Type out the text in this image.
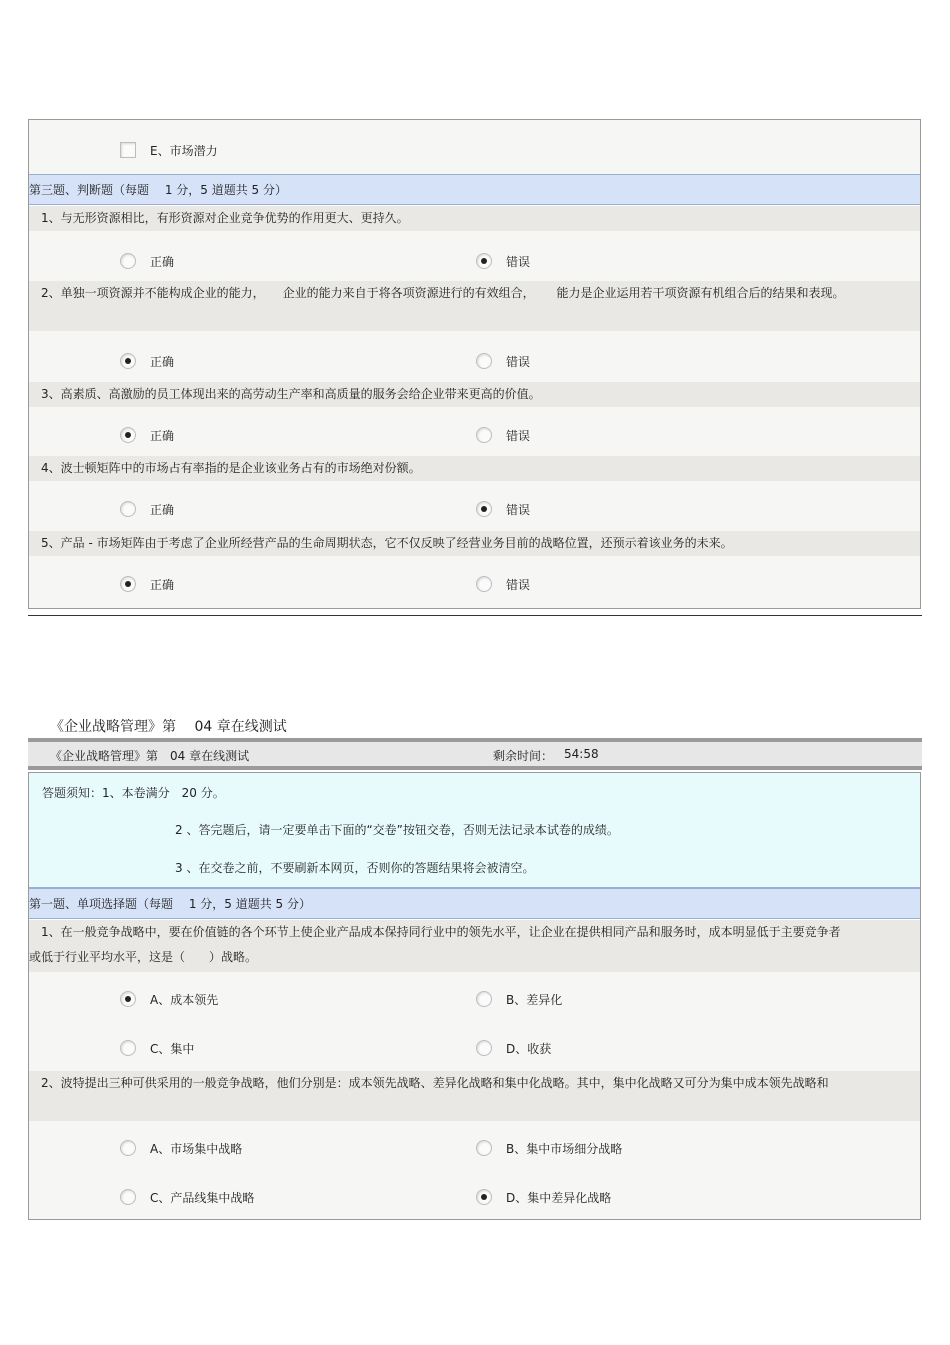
E、市场潜力
第三题、判断题（每题　 1 分，5 道题共 5 分）
1、与无形资源相比，有形资源对企业竞争优势的作用更大、更持久。
正确	错误
2、单独一项资源并不能构成企业的能力，　　企业的能力来自于将各项资源进行的有效组合，　　 能力是企业运用若干项资源有机组合后的结果和表现。
正确	错误
3、高素质、高激励的员工体现出来的高劳动生产率和高质量的服务会给企业带来更高的价值。
正确	错误
4、波士顿矩阵中的市场占有率指的是企业该业务占有的市场绝对份额。
正确	错误
5、产品 - 市场矩阵由于考虑了企业所经营产品的生命周期状态，它不仅反映了经营业务目前的战略位置，还预示着该业务的未来。
正确	错误
《企业战略管理》第　 04 章在线测试
《企业战略管理》第　04 章在线测试	剩余时间： 54:58
答题须知：1、本卷满分　20 分。
2 、答完题后，请一定要单击下面的“交卷”按钮交卷，否则无法记录本试卷的成绩。
3 、在交卷之前，不要刷新本网页，否则你的答题结果将会被清空。
第一题、单项选择题（每题　 1 分，5 道题共 5 分）
1、在一般竞争战略中，要在价值链的各个环节上使企业产品成本保持同行业中的领先水平，让企业在提供相同产品和服务时，成本明显低于主要竞争者或低于行业平均水平，这是（　　）战略。
A、成本领先	B、差异化
C、集中	D、收获
2、波特提出三种可供采用的一般竞争战略，他们分别是：成本领先战略、差异化战略和集中化战略。其中，集中化战略又可分为集中成本领先战略和
A、市场集中战略	B、集中市场细分战略
C、产品线集中战略	D、集中差异化战略
